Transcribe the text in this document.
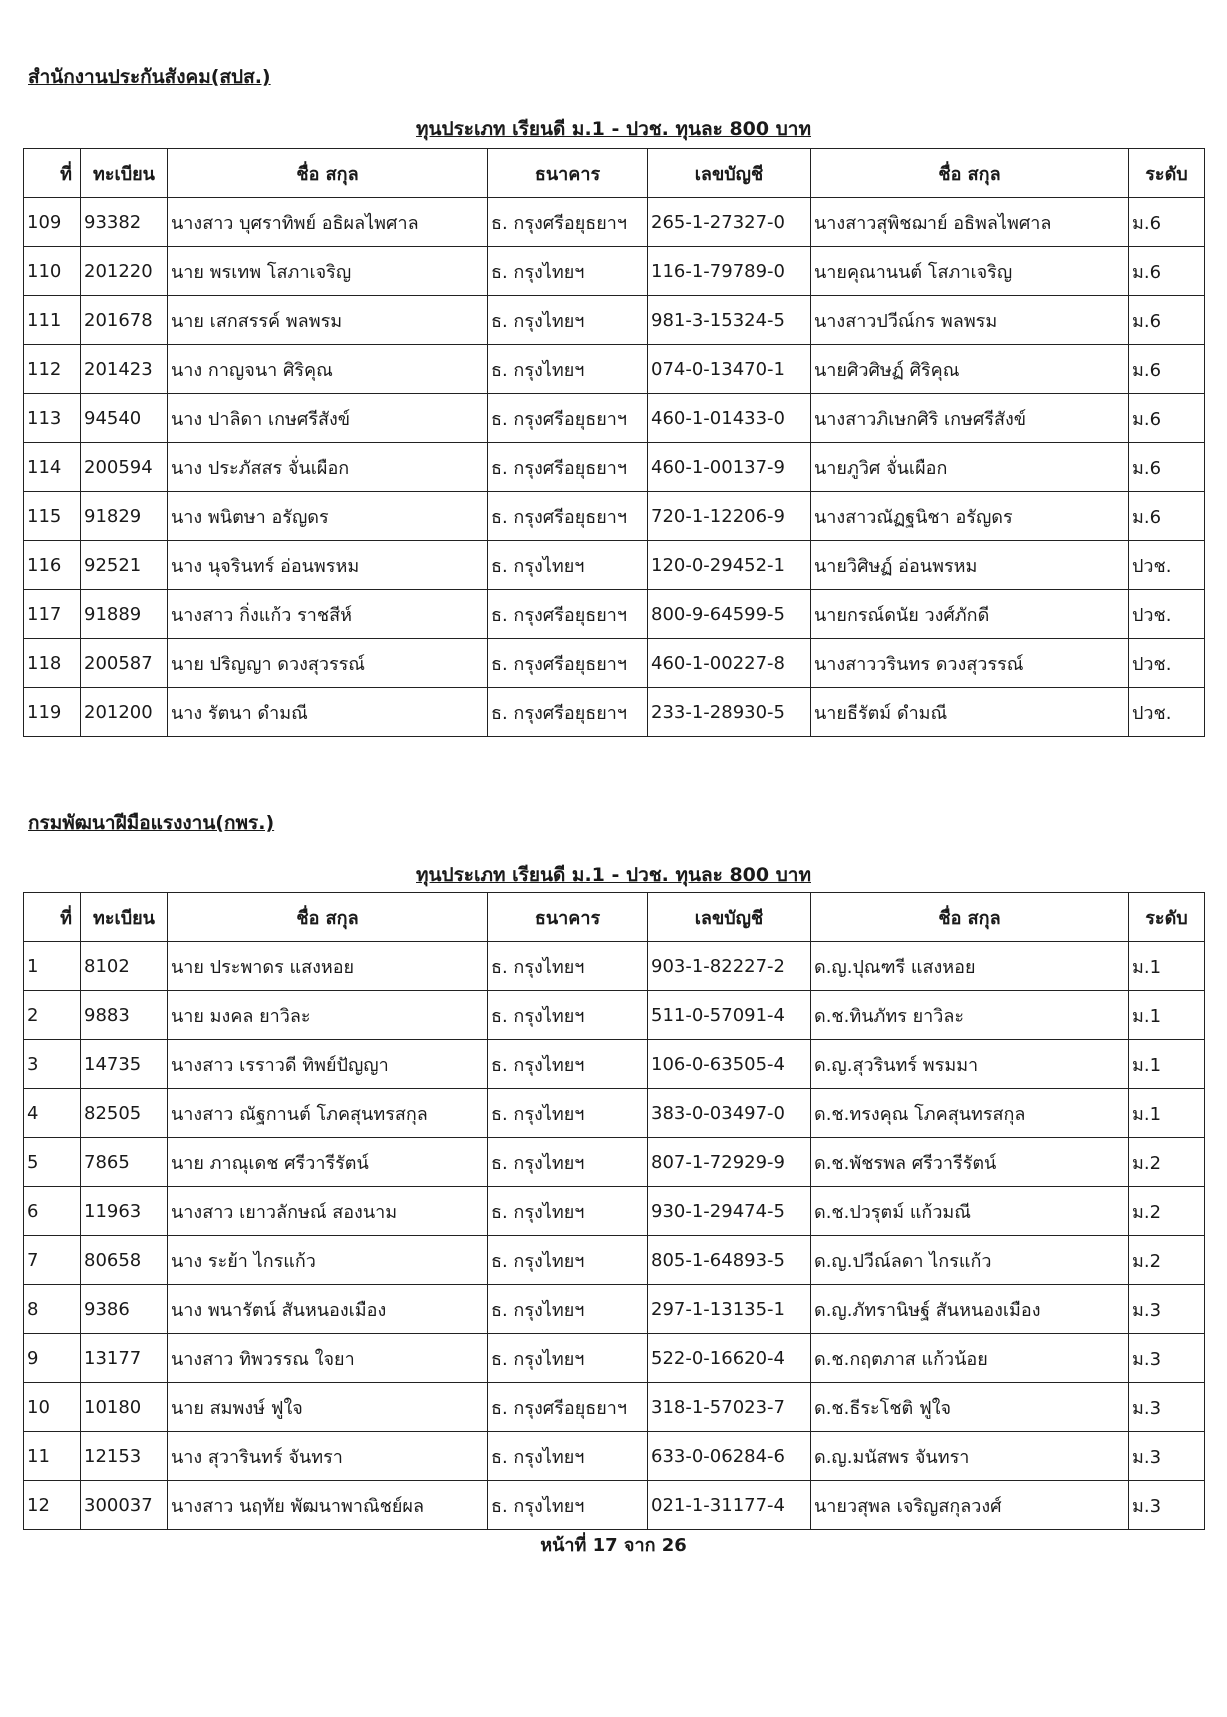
สำนักงานประกันสังคม(สปส.)
ทุนประเภท เรียนดี ม.1 - ปวช. ทุนละ 800 บาท
ที่	ทะเบียน	ชื่อ สกุล	ธนาคาร	เลขบัญชี	ชื่อ สกุล	ระดับ
109	93382	นางสาว บุศราทิพย์ อธิผลไพศาล	ธ. กรุงศรีอยุธยาฯ	265-1-27327-0	นางสาวสุพิชฌาย์ อธิพลไพศาล	ม.6
110	201220	นาย พรเทพ โสภาเจริญ	ธ. กรุงไทยฯ	116-1-79789-0	นายคุณานนต์ โสภาเจริญ	ม.6
111	201678	นาย เสกสรรค์ พลพรม	ธ. กรุงไทยฯ	981-3-15324-5	นางสาวปวีณ์กร พลพรม	ม.6
112	201423	นาง กาญจนา ศิริคุณ	ธ. กรุงไทยฯ	074-0-13470-1	นายศิวศิษฏ์ ศิริคุณ	ม.6
113	94540	นาง ปาลิดา เกษศรีสังข์	ธ. กรุงศรีอยุธยาฯ	460-1-01433-0	นางสาวภิเษกศิริ เกษศรีสังข์	ม.6
114	200594	นาง ประภัสสร จั่นเผือก	ธ. กรุงศรีอยุธยาฯ	460-1-00137-9	นายภูวิศ จั่นเผือก	ม.6
115	91829	นาง พนิตษา อรัญดร	ธ. กรุงศรีอยุธยาฯ	720-1-12206-9	นางสาวณัฏฐนิชา อรัญดร	ม.6
116	92521	นาง นุจรินทร์ อ่อนพรหม	ธ. กรุงไทยฯ	120-0-29452-1	นายวิศิษฏ์ อ่อนพรหม	ปวช.
117	91889	นางสาว กิ่งแก้ว ราชสีห์	ธ. กรุงศรีอยุธยาฯ	800-9-64599-5	นายกรณ์ดนัย วงศ์ภักดี	ปวช.
118	200587	นาย ปริญญา ดวงสุวรรณ์	ธ. กรุงศรีอยุธยาฯ	460-1-00227-8	นางสาววรินทร ดวงสุวรรณ์	ปวช.
119	201200	นาง รัตนา ดำมณี	ธ. กรุงศรีอยุธยาฯ	233-1-28930-5	นายธีรัตม์ ดำมณี	ปวช.
กรมพัฒนาฝีมือแรงงาน(กพร.)
ทุนประเภท เรียนดี ม.1 - ปวช. ทุนละ 800 บาท
ที่	ทะเบียน	ชื่อ สกุล	ธนาคาร	เลขบัญชี	ชื่อ สกุล	ระดับ
1	8102	นาย ประพาดร แสงหอย	ธ. กรุงไทยฯ	903-1-82227-2	ด.ญ.ปุณฑรี แสงหอย	ม.1
2	9883	นาย มงคล ยาวิละ	ธ. กรุงไทยฯ	511-0-57091-4	ด.ช.ทินภัทร ยาวิละ	ม.1
3	14735	นางสาว เรราวดี ทิพย์ปัญญา	ธ. กรุงไทยฯ	106-0-63505-4	ด.ญ.สุวรินทร์ พรมมา	ม.1
4	82505	นางสาว ณัฐกานต์ โภคสุนทรสกุล	ธ. กรุงไทยฯ	383-0-03497-0	ด.ช.ทรงคุณ โภคสุนทรสกุล	ม.1
5	7865	นาย ภาณุเดช ศรีวารีรัตน์	ธ. กรุงไทยฯ	807-1-72929-9	ด.ช.พัชรพล ศรีวารีรัตน์	ม.2
6	11963	นางสาว เยาวลักษณ์ สองนาม	ธ. กรุงไทยฯ	930-1-29474-5	ด.ช.ปวรุตม์ แก้วมณี	ม.2
7	80658	นาง ระย้า ไกรแก้ว	ธ. กรุงไทยฯ	805-1-64893-5	ด.ญ.ปวีณ์ลดา ไกรแก้ว	ม.2
8	9386	นาง พนารัตน์ สันหนองเมือง	ธ. กรุงไทยฯ	297-1-13135-1	ด.ญ.ภัทรานิษฐ์ สันหนองเมือง	ม.3
9	13177	นางสาว ทิพวรรณ ใจยา	ธ. กรุงไทยฯ	522-0-16620-4	ด.ช.กฤตภาส แก้วน้อย	ม.3
10	10180	นาย สมพงษ์ ฟูใจ	ธ. กรุงศรีอยุธยาฯ	318-1-57023-7	ด.ช.ธีระโชติ ฟูใจ	ม.3
11	12153	นาง สุวารินทร์ จันทรา	ธ. กรุงไทยฯ	633-0-06284-6	ด.ญ.มนัสพร จันทรา	ม.3
12	300037	นางสาว นฤทัย พัฒนาพาณิชย์ผล	ธ. กรุงไทยฯ	021-1-31177-4	นายวสุพล เจริญสกุลวงศ์	ม.3
หน้าที่ 17 จาก 26
